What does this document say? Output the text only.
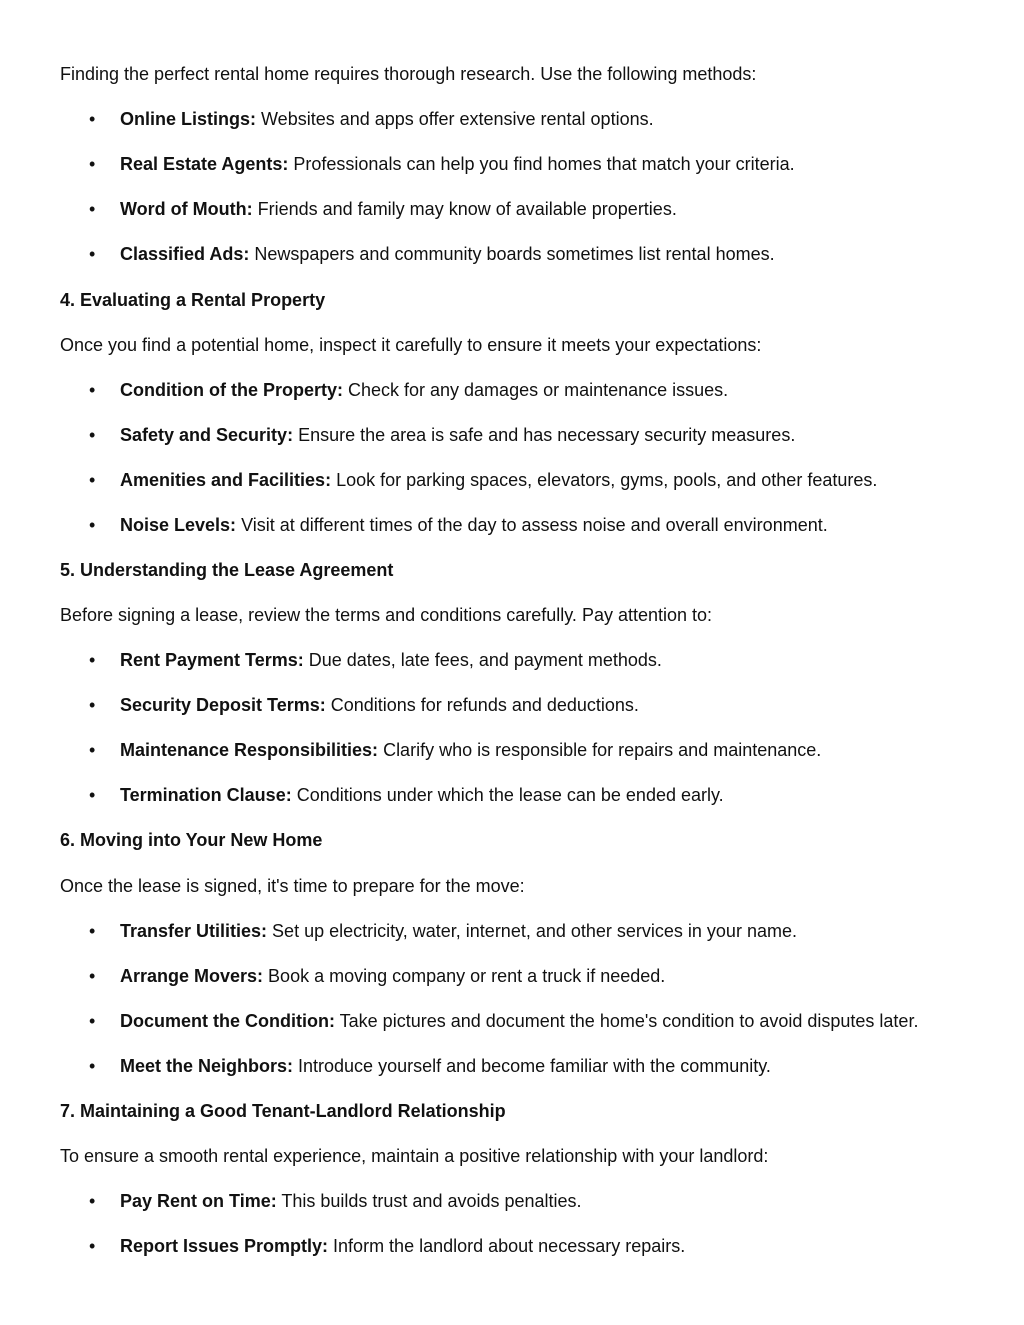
Finding the perfect rental home requires thorough research. Use the following methods:
•	Online Listings: Websites and apps offer extensive rental options.
•	Real Estate Agents: Professionals can help you find homes that match your criteria.
•	Word of Mouth: Friends and family may know of available properties.
•	Classified Ads: Newspapers and community boards sometimes list rental homes.
4. Evaluating a Rental Property
Once you find a potential home, inspect it carefully to ensure it meets your expectations:
•	Condition of the Property: Check for any damages or maintenance issues.
•	Safety and Security: Ensure the area is safe and has necessary security measures.
•	Amenities and Facilities: Look for parking spaces, elevators, gyms, pools, and other features.
•	Noise Levels: Visit at different times of the day to assess noise and overall environment.
5. Understanding the Lease Agreement
Before signing a lease, review the terms and conditions carefully. Pay attention to:
•	Rent Payment Terms: Due dates, late fees, and payment methods.
•	Security Deposit Terms: Conditions for refunds and deductions.
•	Maintenance Responsibilities: Clarify who is responsible for repairs and maintenance.
•	Termination Clause: Conditions under which the lease can be ended early.
6. Moving into Your New Home
Once the lease is signed, it's time to prepare for the move:
•	Transfer Utilities: Set up electricity, water, internet, and other services in your name.
•	Arrange Movers: Book a moving company or rent a truck if needed.
•	Document the Condition: Take pictures and document the home's condition to avoid disputes later.
•	Meet the Neighbors: Introduce yourself and become familiar with the community.
7. Maintaining a Good Tenant-Landlord Relationship
To ensure a smooth rental experience, maintain a positive relationship with your landlord:
•	Pay Rent on Time: This builds trust and avoids penalties.
•	Report Issues Promptly: Inform the landlord about necessary repairs.
